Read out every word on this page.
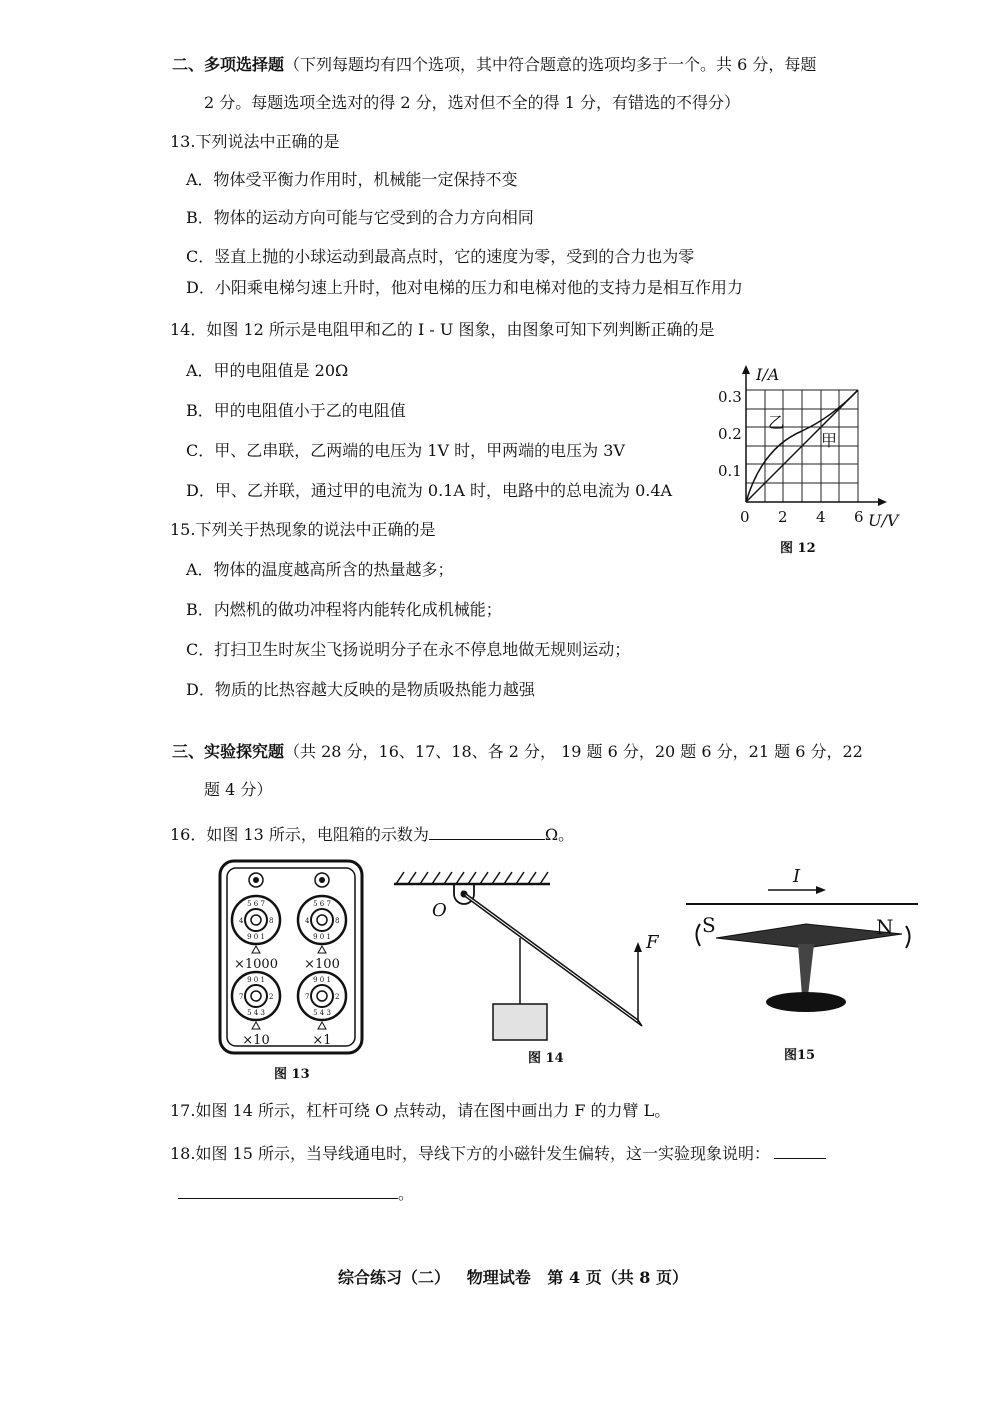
二、多项选择题（下列每题均有四个选项，其中符合题意的选项均多于一个。共 6 分，每题
2 分。每题选项全选对的得 2 分，选对但不全的得 1 分，有错选的不得分）
13.下列说法中正确的是
A．物体受平衡力作用时，机械能一定保持不变
B．物体的运动方向可能与它受到的合力方向相同
C．竖直上抛的小球运动到最高点时，它的速度为零，受到的合力也为零
D．小阳乘电梯匀速上升时，他对电梯的压力和电梯对他的支持力是相互作用力
14．如图 12 所示是电阻甲和乙的 I - U 图象，由图象可知下列判断正确的是
A．甲的电阻值是 20Ω
B．甲的电阻值小于乙的电阻值
C．甲、乙串联，乙两端的电压为 1V 时，甲两端的电压为 3V
D．甲、乙并联，通过甲的电流为 0.1A 时，电路中的总电流为 0.4A
I/A
U/V
0.3
0.2
0.1
0 2 4 6
乙
甲
图 12
15.下列关于热现象的说法中正确的是
A．物体的温度越高所含的热量越多；
B．内燃机的做功冲程将内能转化成机械能；
C．打扫卫生时灰尘飞扬说明分子在永不停息地做无规则运动；
D．物质的比热容越大反映的是物质吸热能力越强
三、实验探究题（共 28 分，16、17、18、各 2 分， 19 题 6 分，20 题 6 分，21 题 6 分，22
题 4 分）
16．如图 13 所示，电阻箱的示数为	Ω。
5 6 7
9 0 1
4	8
5 6 7
9 0 1
4	8
9 0 1
5 4 3
7	2
9 0 1
5 4 3
7	2
×1000 ×100
×10	×1
图 13
O
F
图 14
I
S	N
图15
17.如图 14 所示，杠杆可绕 O 点转动，请在图中画出力 F 的力臂 L。
18.如图 15 所示，当导线通电时，导线下方的小磁针发生偏转，这一实验现象说明：
。
综合练习（二）   物理试卷   第 4 页（共 8 页）
